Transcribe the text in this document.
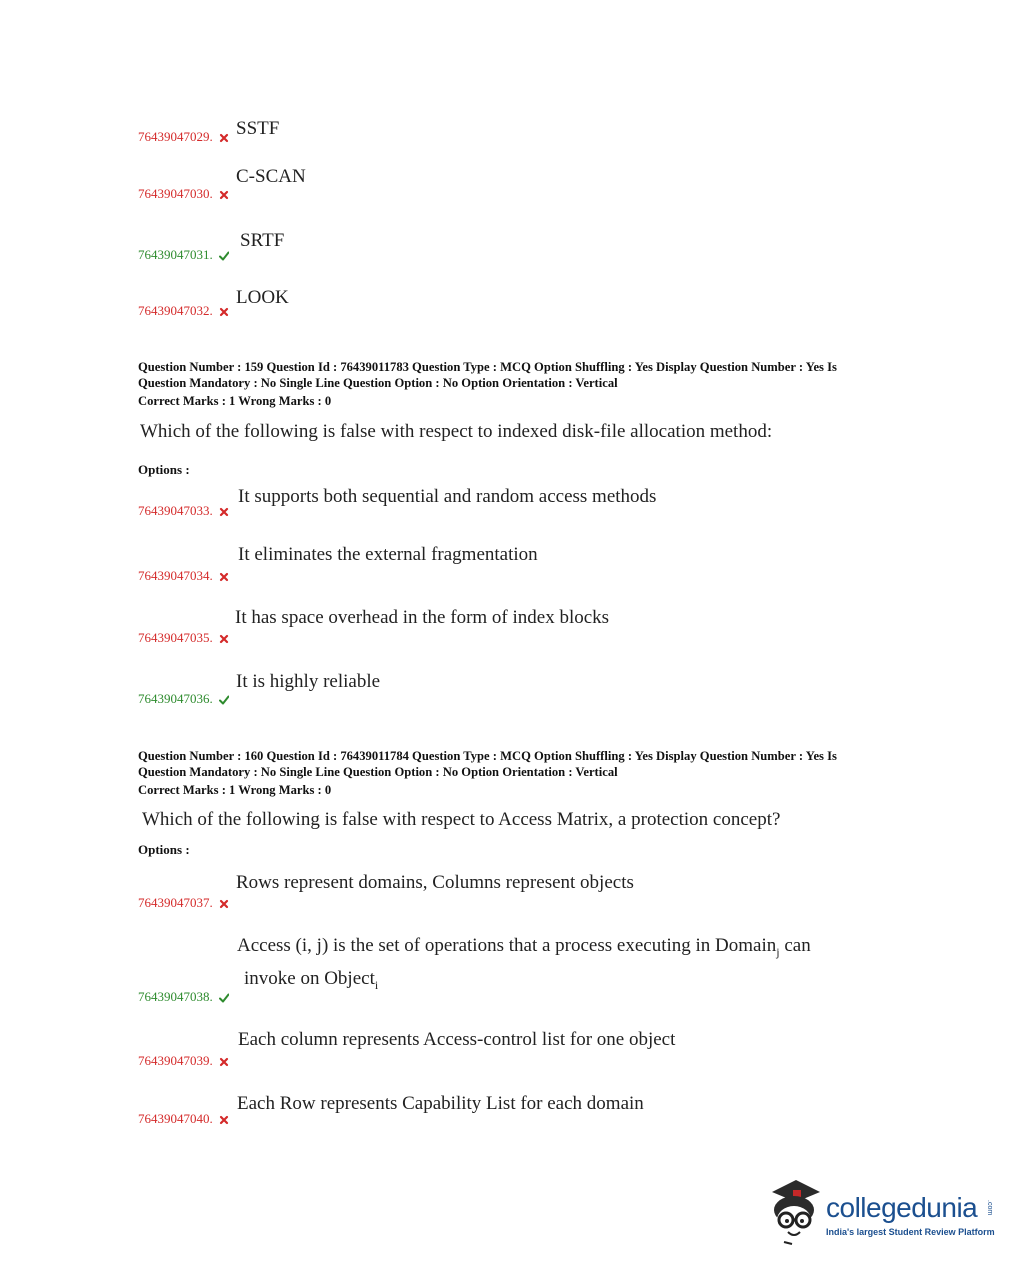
SSTF
76439047029.
C-SCAN
76439047030.
SRTF
76439047031.
LOOK
76439047032.
Question Number : 159 Question Id : 76439011783 Question Type : MCQ Option Shuffling : Yes Display Question Number : Yes Is
Question Mandatory : No Single Line Question Option : No Option Orientation : Vertical
Correct Marks : 1 Wrong Marks : 0
Which of the following is false with respect to indexed disk-file allocation method:
Options :
It supports both sequential and random access methods
76439047033.
It eliminates the external fragmentation
76439047034.
It has space overhead in the form of index blocks
76439047035.
It is highly reliable
76439047036.
Question Number : 160 Question Id : 76439011784 Question Type : MCQ Option Shuffling : Yes Display Question Number : Yes Is
Question Mandatory : No Single Line Question Option : No Option Orientation : Vertical
Correct Marks : 1 Wrong Marks : 0
Which of the following is false with respect to Access Matrix, a protection concept?
Options :
Rows represent domains, Columns represent objects
76439047037.
Access (i, j) is the set of operations that a process executing in Domain$_j$ can
invoke on Object$_i$
76439047038.
Each column represents Access-control list for one object
76439047039.
Each Row represents Capability List for each domain
76439047040.
collegedunia .com
India's largest Student Review Platform
